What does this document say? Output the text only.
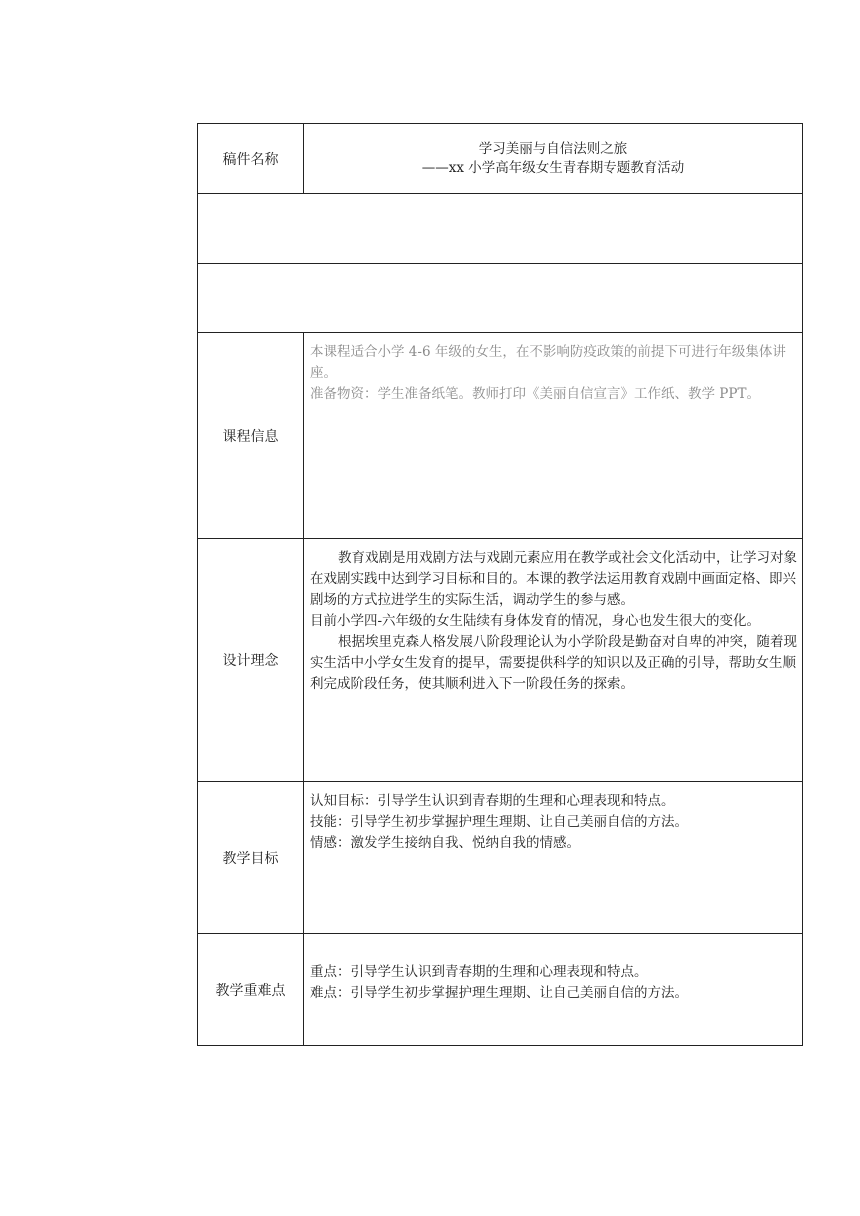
稿件名称	学习美丽与自信法则之旅

——xx 小学高年级女生青春期专题教育活动

课程信息	本课程适合小学 4-6 年级的女生，在不影响防疫政策的前提下可进行年级集体讲座。

准备物资：学生准备纸笔。教师打印《美丽自信宣言》工作纸、教学 PPT。

设计理念	教育戏剧是用戏剧方法与戏剧元素应用在教学或社会文化活动中，让学习对象在戏剧实践中达到学习目标和目的。本课的教学法运用教育戏剧中画面定格、即兴剧场的方式拉进学生的实际生活，调动学生的参与感。

目前小学四-六年级的女生陆续有身体发育的情况，身心也发生很大的变化。

根据埃里克森人格发展八阶段理论认为小学阶段是勤奋对自卑的冲突，随着现实生活中小学女生发育的提早，需要提供科学的知识以及正确的引导，帮助女生顺利完成阶段任务，使其顺利进入下一阶段任务的探索。

教学目标	认知目标：引导学生认识到青春期的生理和心理表现和特点。

技能：引导学生初步掌握护理生理期、让自己美丽自信的方法。

情感：激发学生接纳自我、悦纳自我的情感。

教学重难点	重点：引导学生认识到青春期的生理和心理表现和特点。

难点：引导学生初步掌握护理生理期、让自己美丽自信的方法。
